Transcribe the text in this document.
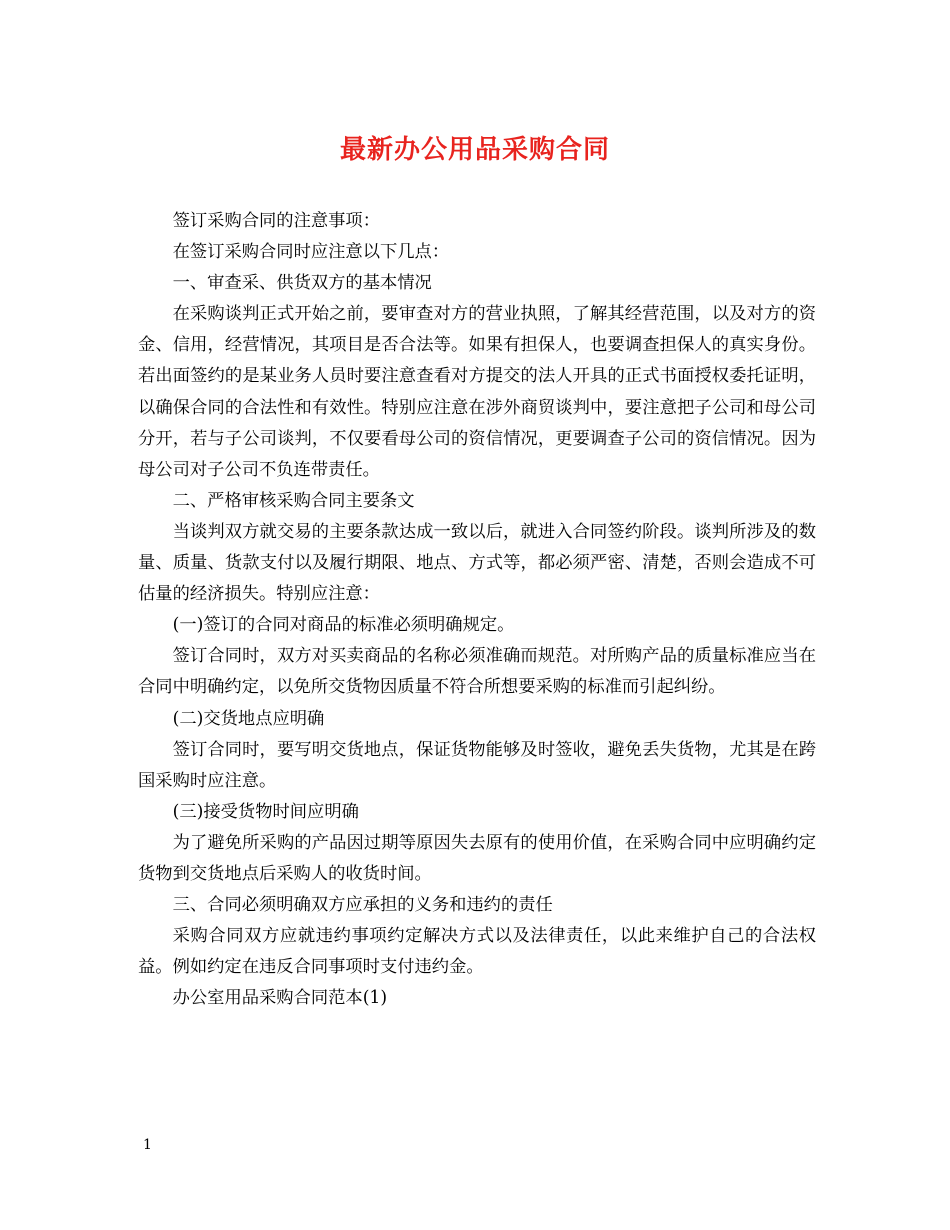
最新办公用品采购合同

签订采购合同的注意事项：

在签订采购合同时应注意以下几点：

一、审查采、供货双方的基本情况

在采购谈判正式开始之前，要审查对方的营业执照，了解其经营范围，以及对方的资金、信用，经营情况，其项目是否合法等。如果有担保人，也要调查担保人的真实身份。若出面签约的是某业务人员时要注意查看对方提交的法人开具的正式书面授权委托证明，以确保合同的合法性和有效性。特别应注意在涉外商贸谈判中，要注意把子公司和母公司分开，若与子公司谈判，不仅要看母公司的资信情况，更要调查子公司的资信情况。因为母公司对子公司不负连带责任。

二、严格审核采购合同主要条文

当谈判双方就交易的主要条款达成一致以后，就进入合同签约阶段。谈判所涉及的数量、质量、货款支付以及履行期限、地点、方式等，都必须严密、清楚，否则会造成不可估量的经济损失。特别应注意：

(一)签订的合同对商品的标准必须明确规定。

签订合同时，双方对买卖商品的名称必须准确而规范。对所购产品的质量标准应当在合同中明确约定，以免所交货物因质量不符合所想要采购的标准而引起纠纷。

(二)交货地点应明确

签订合同时，要写明交货地点，保证货物能够及时签收，避免丢失货物，尤其是在跨国采购时应注意。

(三)接受货物时间应明确

为了避免所采购的产品因过期等原因失去原有的使用价值，在采购合同中应明确约定货物到交货地点后采购人的收货时间。

三、合同必须明确双方应承担的义务和违约的责任

采购合同双方应就违约事项约定解决方式以及法律责任，以此来维护自己的合法权益。例如约定在违反合同事项时支付违约金。

办公室用品采购合同范本(1)

1
